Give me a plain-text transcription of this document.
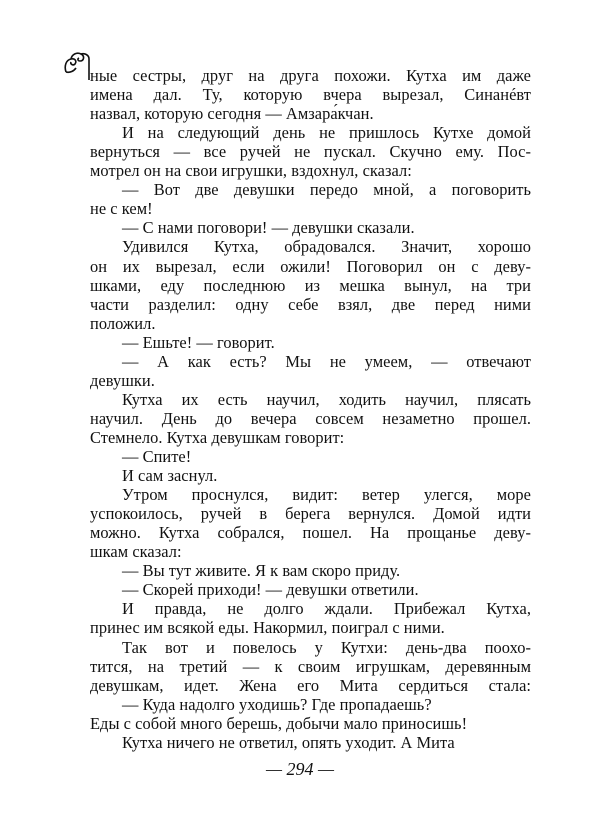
ные сестры, друг на друга похожи. Кутха им даже
имена дал. Ту, которую вчера вырезал, Синанéвт
назвал, которую сегодня — Амзара́кчан.
И на следующий день не пришлось Кутхе домой
вернуться — все ручей не пускал. Скучно ему. Пос-
мотрел он на свои игрушки, вздохнул, сказал:
— Вот две девушки передо мной, а поговорить
не с кем!
— С нами поговори! — девушки сказали.
Удивился Кутха, обрадовался. Значит, хорошо
он их вырезал, если ожили! Поговорил он с деву-
шками, еду последнюю из мешка вынул, на три
части разделил: одну себе взял, две перед ними
положил.
— Ешьте! — говорит.
— А как есть? Мы не умеем, — отвечают
девушки.
Кутха их есть научил, ходить научил, плясать
научил. День до вечера совсем незаметно прошел.
Стемнело. Кутха девушкам говорит:
— Спите!
И сам заснул.
Утром проснулся, видит: ветер улегся, море
успокоилось, ручей в берега вернулся. Домой идти
можно. Кутха собрался, пошел. На прощанье деву-
шкам сказал:
— Вы тут живите. Я к вам скоро приду.
— Скорей приходи! — девушки ответили.
И правда, не долго ждали. Прибежал Кутха,
принес им всякой еды. Накормил, поиграл с ними.
Так вот и повелось у Кутхи: день-два поохо-
тится, на третий — к своим игрушкам, деревянным
девушкам, идет. Жена его Мита сердиться стала:
— Куда надолго уходишь? Где пропадаешь?
Еды с собой много берешь, добычи мало приносишь!
Кутха ничего не ответил, опять уходит. А Мита
— 294 —
